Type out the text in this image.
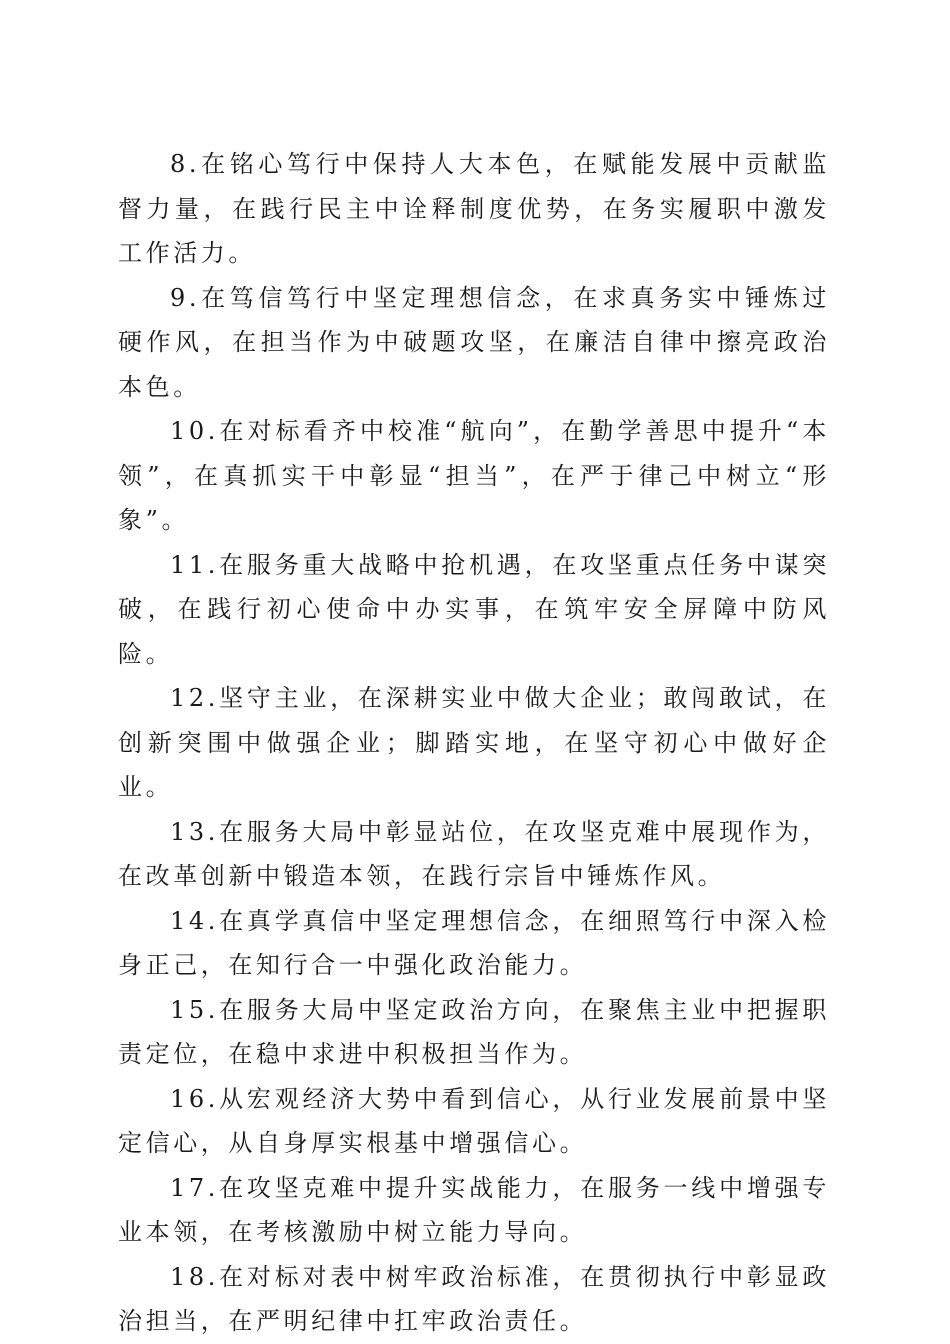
8.在铭心笃行中保持人大本色，在赋能发展中贡献监督力量，在践行民主中诠释制度优势，在务实履职中激发工作活力。

9.在笃信笃行中坚定理想信念，在求真务实中锤炼过硬作风，在担当作为中破题攻坚，在廉洁自律中擦亮政治本色。

10.在对标看齐中校准“航向”，在勤学善思中提升“本领”，在真抓实干中彰显“担当”，在严于律己中树立“形象”。

11.在服务重大战略中抢机遇，在攻坚重点任务中谋突破，在践行初心使命中办实事，在筑牢安全屏障中防风险。

12.坚守主业，在深耕实业中做大企业；敢闯敢试，在创新突围中做强企业；脚踏实地，在坚守初心中做好企业。

13.在服务大局中彰显站位，在攻坚克难中展现作为，在改革创新中锻造本领，在践行宗旨中锤炼作风。

14.在真学真信中坚定理想信念，在细照笃行中深入检身正己，在知行合一中强化政治能力。

15.在服务大局中坚定政治方向，在聚焦主业中把握职责定位，在稳中求进中积极担当作为。

16.从宏观经济大势中看到信心，从行业发展前景中坚定信心，从自身厚实根基中增强信心。

17.在攻坚克难中提升实战能力，在服务一线中增强专业本领，在考核激励中树立能力导向。

18.在对标对表中树牢政治标准，在贯彻执行中彰显政治担当，在严明纪律中扛牢政治责任。
